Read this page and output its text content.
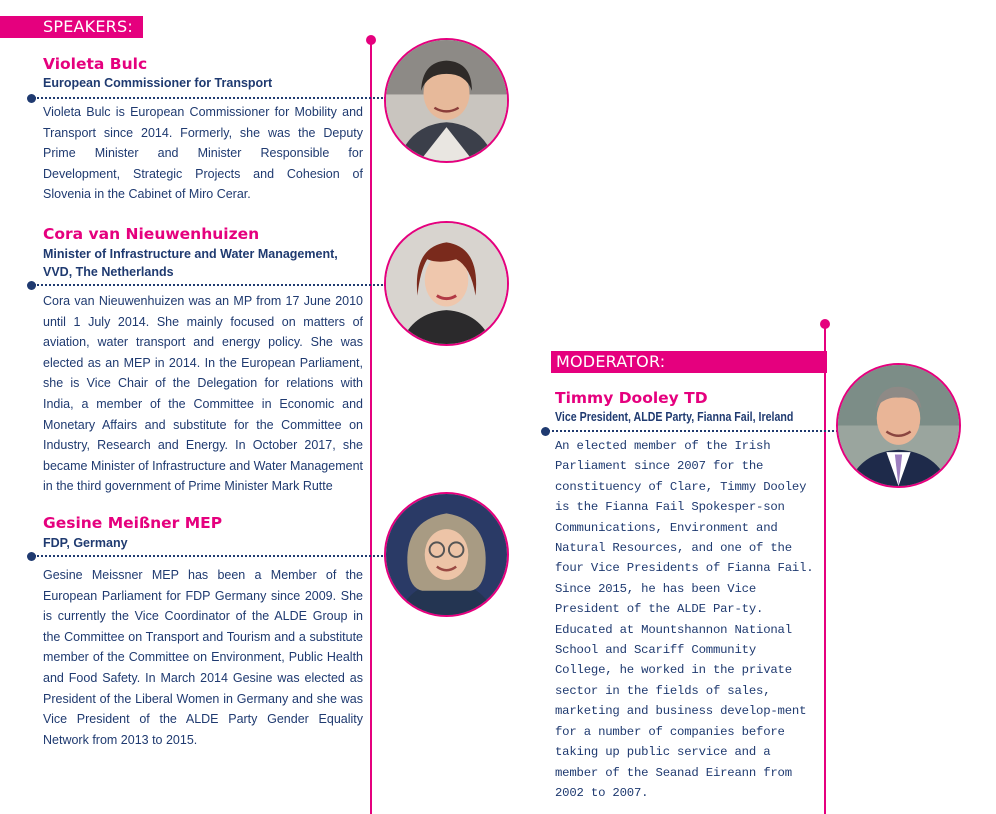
SPEAKERS:
MODERATOR:
Violeta Bulc

European Commissioner for Transport

Violeta Bulc is European Commissioner for Mobility and Transport since 2014. Formerly, she was the Deputy Prime Minister and Minister Responsible for Development, Strategic Projects and Cohesion of Slovenia in the Cabinet of Miro Cerar.

Cora van Nieuwenhuizen

Minister of Infrastructure and Water Management, VVD, The Netherlands

Cora van Nieuwenhuizen was an MP from 17 June 2010 until 1 July 2014. She mainly focused on matters of aviation, water transport and energy policy. She was elected as an MEP in 2014. In the European Parliament, she is Vice Chair of the Delegation for relations with India, a member of the Committee in Economic and Monetary Affairs and substitute for the Committee on Industry, Research and Energy. In October 2017, she became Minister of Infrastructure and Water Management in the third government of Prime Minister Mark Rutte

Gesine Meißner MEP

FDP, Germany

Gesine Meissner MEP has been a Member of the European Parliament for FDP Germany since 2009. She is currently the Vice Coordinator of the ALDE Group in the Committee on Transport and Tourism and a substitute member of the Committee on Environment, Public Health and Food Safety. In March 2014 Gesine was elected as President of the Liberal Women in Germany and she was Vice President of the ALDE Party Gender Equality Network from 2013 to 2015.

Timmy Dooley TD

Vice President, ALDE Party, Fianna Fail, Ireland

An elected member of the Irish Parliament since 2007 for the constituency of Clare, Timmy Dooley is the Fianna Fail Spokesper-son Communications, Environment and Natural Resources, and one of the four Vice Presidents of Fianna Fail. Since 2015, he has been Vice President of the ALDE Par-ty. Educated at Mountshannon National School and Scariff Community College, he worked in the private sector in the fields of sales, marketing and business develop-ment for a number of companies before taking up public service and a member of the Seanad Eireann from 2002 to 2007.
